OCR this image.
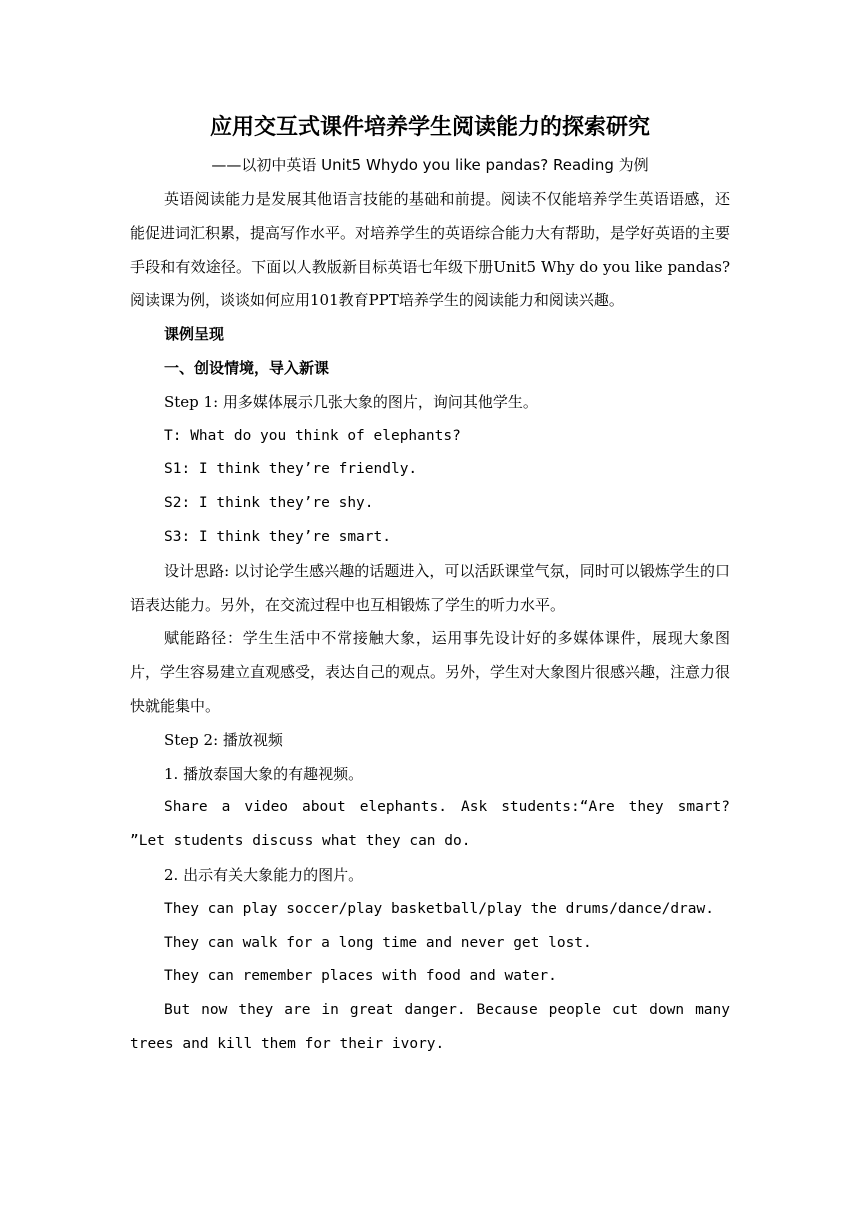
应用交互式课件培养学生阅读能力的探索研究
——以初中英语 Unit5 Whydo you like pandas? Reading 为例

英语阅读能力是发展其他语言技能的基础和前提。阅读不仅能培养学生英语语感，还能促进词汇积累，提高写作水平。对培养学生的英语综合能力大有帮助，是学好英语的主要手段和有效途径。下面以人教版新目标英语七年级下册Unit5 Why do you like pandas?阅读课为例，谈谈如何应用101教育PPT培养学生的阅读能力和阅读兴趣。

课例呈现

一、创设情境，导入新课

Step 1: 用多媒体展示几张大象的图片，询问其他学生。

T: What do you think of elephants?

S1: I think they’re friendly.

S2: I think they’re shy.

S3: I think they’re smart.

设计思路: 以讨论学生感兴趣的话题进入，可以活跃课堂气氛，同时可以锻炼学生的口语表达能力。另外，在交流过程中也互相锻炼了学生的听力水平。

赋能路径：学生生活中不常接触大象，运用事先设计好的多媒体课件，展现大象图片，学生容易建立直观感受，表达自己的观点。另外，学生对大象图片很感兴趣，注意力很快就能集中。

Step 2: 播放视频

1. 播放泰国大象的有趣视频。

Share a video about elephants. Ask students:“Are they smart? ”Let students discuss what they can do.

2. 出示有关大象能力的图片。

They can play soccer/play basketball/play the drums/dance/draw.

They can walk for a long time and never get lost.

They can remember places with food and water.

But now they are in great danger. Because people cut down many trees and kill them for their ivory.
